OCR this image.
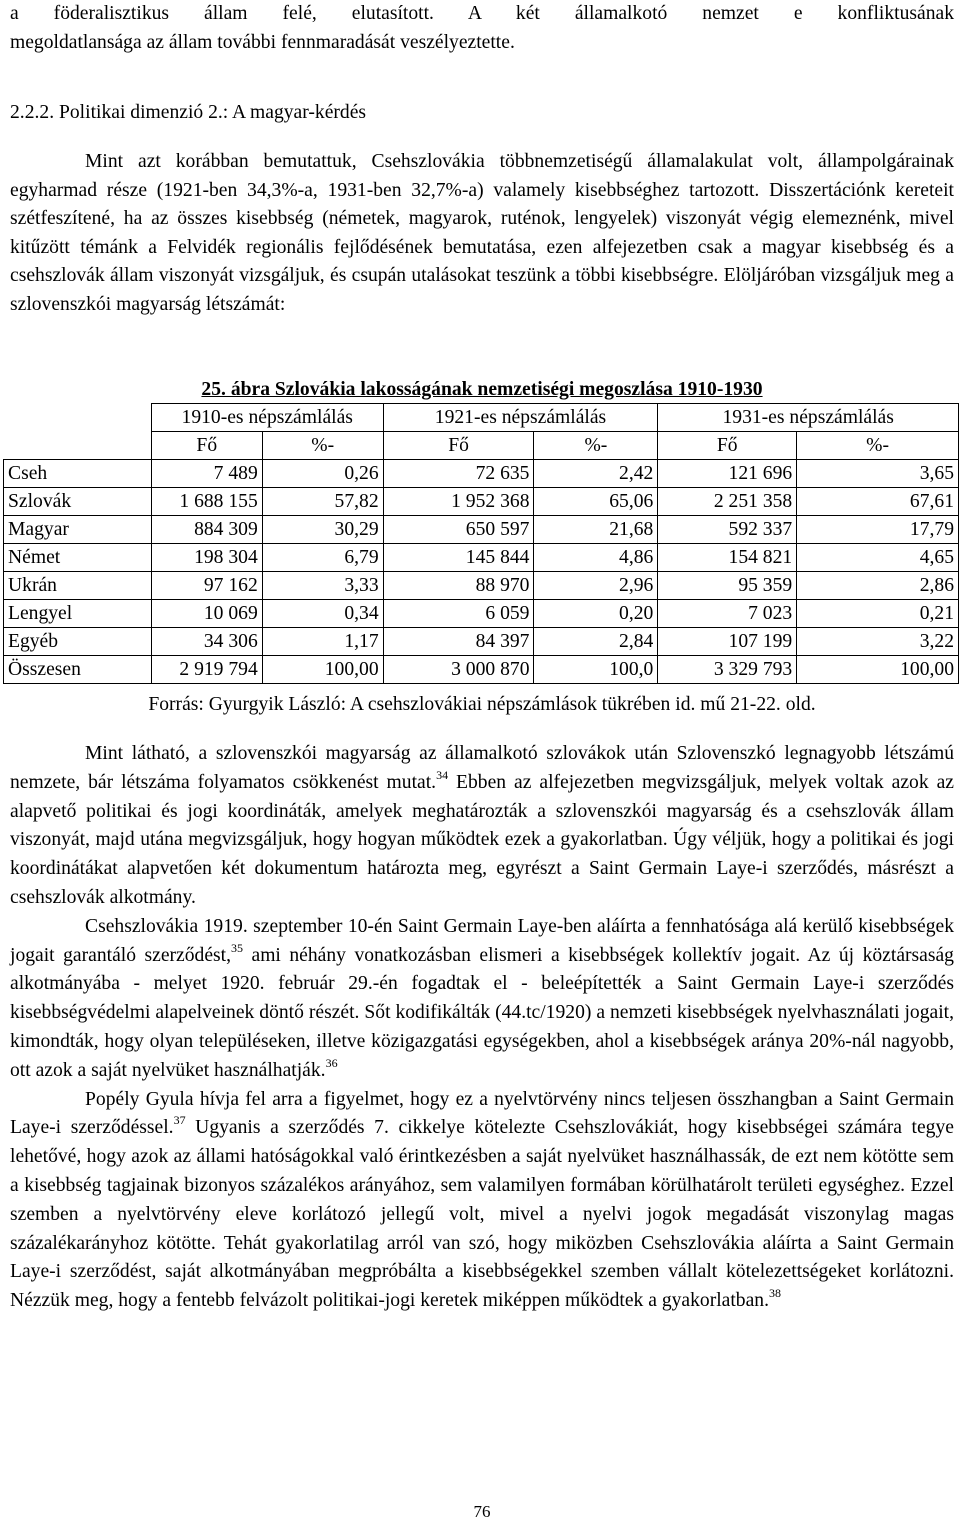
a föderalisztikus állam felé, elutasított. A két államalkotó nemzet e konfliktusának
megoldatlansága az állam további fennmaradását veszélyeztette.

2.2.2. Politikai dimenzió 2.: A magyar-kérdés

Mint azt korábban bemutattuk, Csehszlovákia többnemzetiségű államalakulat volt, állampolgárainak egyharmad része (1921-ben 34,3%-a, 1931-ben 32,7%-a) valamely kisebbséghez tartozott. Disszertációnk kereteit szétfeszítené, ha az összes kisebbség (németek, magyarok, ruténok, lengyelek) viszonyát végig elemeznénk, mivel kitűzött témánk a Felvidék regionális fejlődésének bemutatása, ezen alfejezetben csak a magyar kisebbség és a csehszlovák állam viszonyát vizsgáljuk, és csupán utalásokat teszünk a többi kisebbségre. Elöljáróban vizsgáljuk meg a szlovenszkói magyarság létszámát:

25. ábra Szlovákia lakosságának nemzetiségi megoszlása 1910-1930
	1910-es népszámlálás		1921-es népszámlálás		1931-es népszámlálás	
	Fő	%-	Fő	%-	Fő	%-
Cseh	7 489	0,26	72 635	2,42	121 696	3,65
Szlovák	1 688 155	57,82	1 952 368	65,06	2 251 358	67,61
Magyar	884 309	30,29	650 597	21,68	592 337	17,79
Német	198 304	6,79	145 844	4,86	154 821	4,65
Ukrán	97 162	3,33	88 970	2,96	95 359	2,86
Lengyel	10 069	0,34	6 059	0,20	7 023	0,21
Egyéb	34 306	1,17	84 397	2,84	107 199	3,22
Összesen	2 919 794	100,00	3 000 870	100,0	3 329 793	100,00
Forrás: Gyurgyik László: A csehszlovákiai népszámlások tükrében id. mű 21-22. old.

Mint látható, a szlovenszkói magyarság az államalkotó szlovákok után Szlovenszkó legnagyobb létszámú nemzete, bár létszáma folyamatos csökkenést mutat.$^{34}$ Ebben az alfejezetben megvizsgáljuk, melyek voltak azok az alapvető politikai és jogi koordináták, amelyek meghatározták a szlovenszkói magyarság és a csehszlovák állam viszonyát, majd utána megvizsgáljuk, hogy hogyan működtek ezek a gyakorlatban. Úgy véljük, hogy a politikai és jogi koordinátákat alapvetően két dokumentum határozta meg, egyrészt a Saint Germain Laye-i szerződés, másrészt a csehszlovák alkotmány.

Csehszlovákia 1919. szeptember 10-én Saint Germain Laye-ben aláírta a fennhatósága alá kerülő kisebbségek jogait garantáló szerződést,$^{35}$ ami néhány vonatkozásban elismeri a kisebbségek kollektív jogait. Az új köztársaság alkotmányába - melyet 1920. február 29.-én fogadtak el - beleépítették a Saint Germain Laye-i szerződés kisebbségvédelmi alapelveinek döntő részét. Sőt kodifikálták (44.tc/1920) a nemzeti kisebbségek nyelvhasználati jogait, kimondták, hogy olyan településeken, illetve közigazgatási egységekben, ahol a kisebbségek aránya 20%-nál nagyobb, ott azok a saját nyelvüket használhatják.$^{36}$

Popély Gyula hívja fel arra a figyelmet, hogy ez a nyelvtörvény nincs teljesen összhangban a Saint Germain Laye-i szerződéssel.$^{37}$ Ugyanis a szerződés 7. cikkelye kötelezte Csehszlovákiát, hogy kisebbségei számára tegye lehetővé, hogy azok az állami hatóságokkal való érintkezésben a saját nyelvüket használhassák, de ezt nem kötötte sem a kisebbség tagjainak bizonyos százalékos arányához, sem valamilyen formában körülhatárolt területi egységhez. Ezzel szemben a nyelvtörvény eleve korlátozó jellegű volt, mivel a nyelvi jogok megadását viszonylag magas százalékarányhoz kötötte. Tehát gyakorlatilag arról van szó, hogy miközben Csehszlovákia aláírta a Saint Germain Laye-i szerződést, saját alkotmányában megpróbálta a kisebbségekkel szemben vállalt kötelezettségeket korlátozni. Nézzük meg, hogy a fentebb felvázolt politikai-jogi keretek miképpen működtek a gyakorlatban.$^{38}$

76
